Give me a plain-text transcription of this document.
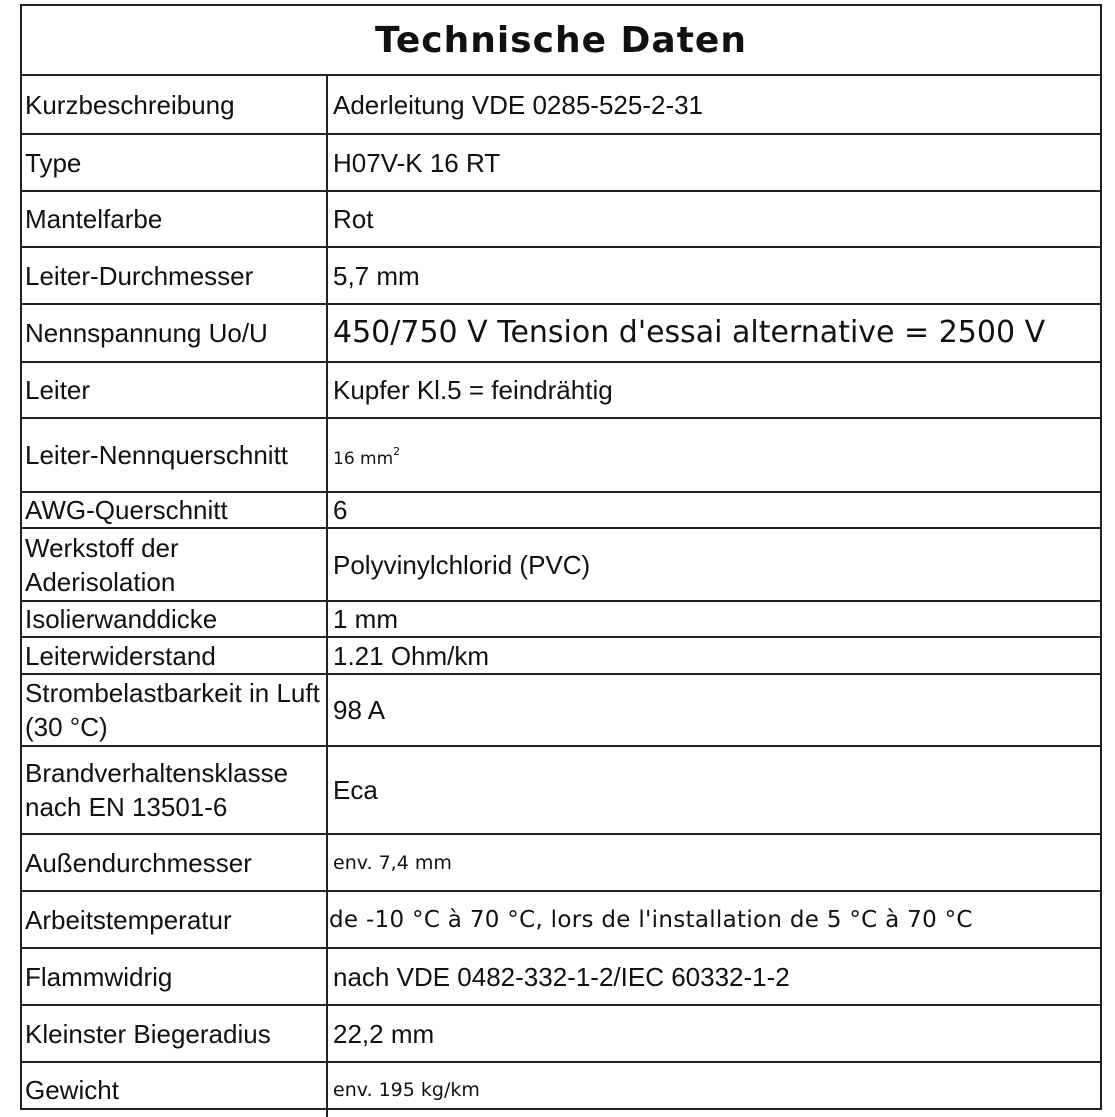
Technische Daten
Kurzbeschreibung	Aderleitung VDE 0285-525-2-31
Type	H07V-K 16 RT
Mantelfarbe	Rot
Leiter-Durchmesser	5,7 mm
Nennspannung Uo/U	450/750 V Tension d'essai alternative = 2500 V
Leiter	Kupfer Kl.5 = feindrähtig
Leiter-Nennquerschnitt	16 $mm^2$
AWG-Querschnitt	6
Werkstoff der Aderisolation	Polyvinylchlorid (PVC)
Isolierwanddicke	1 mm
Leiterwiderstand	1.21 Ohm/km
Strombelastbarkeit in Luft (30 °C)	98 A
Brandverhaltensklasse nach EN 13501-6	Eca
Außendurchmesser	env. 7,4 mm
Arbeitstemperatur	de -10 °C à 70 °C, lors de l'installation de 5 °C à 70 °C
Flammwidrig	nach VDE 0482-332-1-2/IEC 60332-1-2
Kleinster Biegeradius	22,2 mm
Gewicht	env. 195 kg/km
